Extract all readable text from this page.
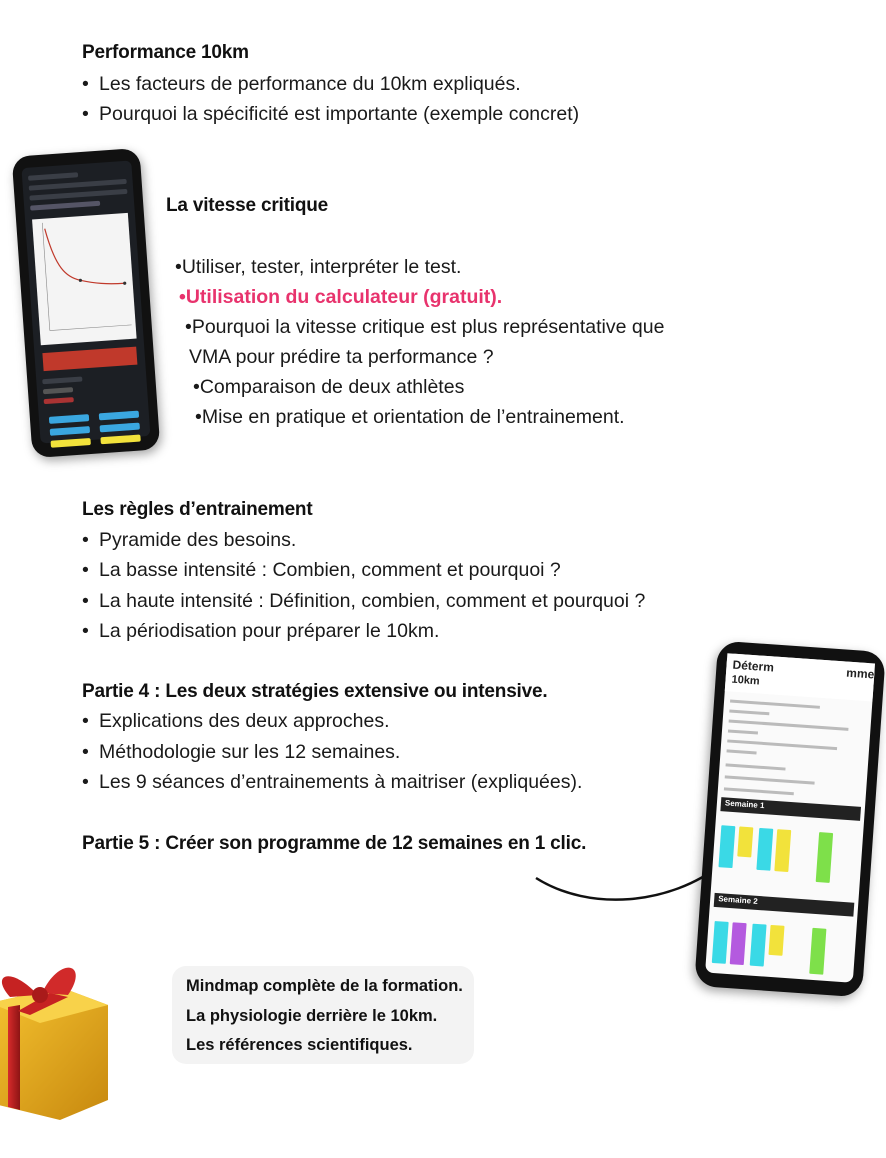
Performance 10km
• Les facteurs de performance du 10km expliqués.
• Pourquoi la spécificité est importante (exemple concret)
La vitesse critique
•Utiliser, tester, interpréter le test.
•Utilisation du calculateur (gratuit).
•Pourquoi la vitesse critique est plus représentative que
VMA pour prédire ta performance ?
•Comparaison de deux athlètes
•Mise en pratique et orientation de l’entrainement.
Les règles d’entrainement
• Pyramide des besoins.
• La basse intensité : Combien, comment et pourquoi ?
• La haute intensité : Définition, combien, comment et pourquoi ?
• La périodisation pour préparer le 10km.
Partie 4 : Les deux stratégies extensive ou intensive.
• Explications des deux approches.
• Méthodologie sur les 12 semaines.
• Les 9 séances d’entrainements à maitriser (expliquées).
Partie 5 : Créer son programme de 12 semaines en 1 clic.
Déterm	mme
10km
Semaine 1
Semaine 2
Mindmap complète de la formation.
La physiologie derrière le 10km.
Les références scientifiques.
